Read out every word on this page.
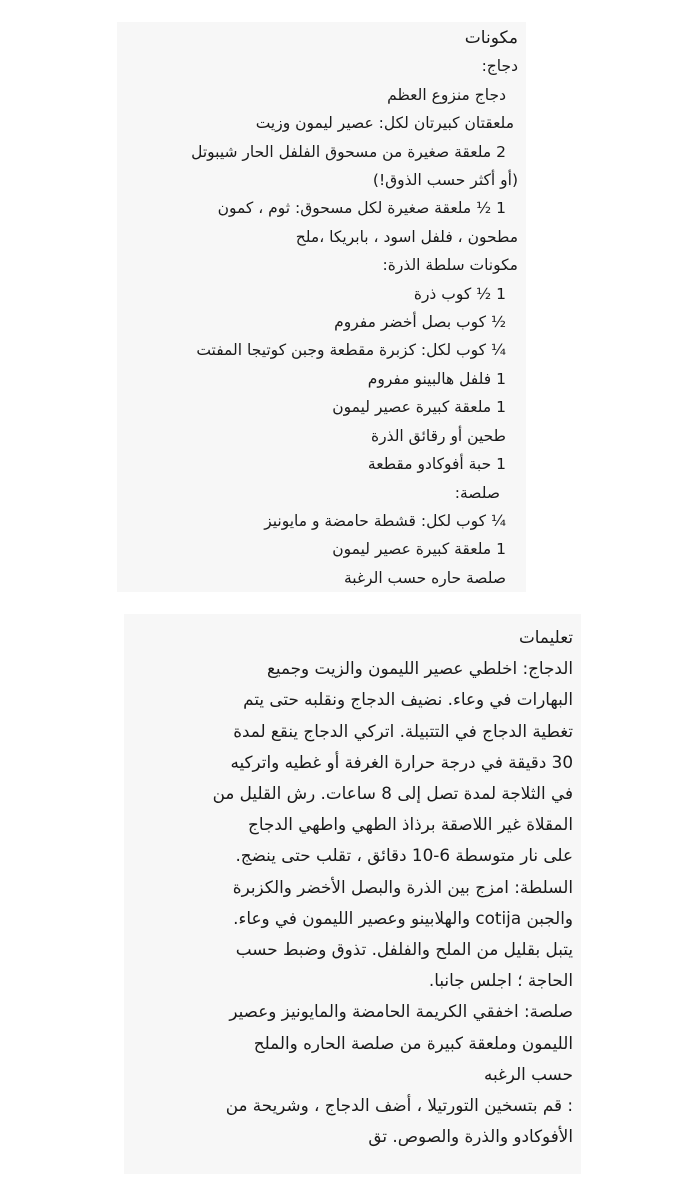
مكونات
دجاج:
دجاج منزوع العظم
ملعقتان كبيرتان لكل: عصير ليمون وزيت
2 ملعقة صغيرة من مسحوق الفلفل الحار شيبوتل
(أو أكثر حسب الذوق!)
1 ½ ملعقة صغيرة لكل مسحوق: ثوم ، كمون
مطحون ، فلفل اسود ، بابريكا ،ملح
مكونات سلطة الذرة:
1 ½ كوب ذرة
½ كوب بصل أخضر مفروم
¼ كوب لكل: كزبرة مقطعة وجبن كوتيجا المفتت
1 فلفل هالبينو مفروم
1 ملعقة كبيرة عصير ليمون
طحين أو رقائق الذرة
1 حبة أفوكادو مقطعة
صلصة:
¼ كوب لكل: قشطة حامضة و مايونيز
1 ملعقة كبيرة عصير ليمون
صلصة حاره حسب الرغبة
تعليمات
الدجاج: اخلطي عصير الليمون والزيت وجميع
البهارات في وعاء. نضيف الدجاج ونقلبه حتى يتم
تغطية الدجاج في التتبيلة. اتركي الدجاج ينقع لمدة
30 دقيقة في درجة حرارة الغرفة أو غطيه واتركيه
في الثلاجة لمدة تصل إلى 8 ساعات. رش القليل من
المقلاة غير اللاصقة برذاذ الطهي واطهي الدجاج
على نار متوسطة 6-10 دقائق ، تقلب حتى ينضج.
السلطة: امزج بين الذرة والبصل الأخضر والكزبرة
والجبن cotija والهلابينو وعصير الليمون في وعاء.
يتبل بقليل من الملح والفلفل. تذوق وضبط حسب
الحاجة ؛ اجلس جانبا.
صلصة: اخفقي الكريمة الحامضة والمايونيز وعصير
الليمون وملعقة كبيرة من صلصة الحاره والملح
حسب الرغبه
: قم بتسخين التورتيلا ، أضف الدجاج ، وشريحة من
الأفوكادو والذرة والصوص. تق
